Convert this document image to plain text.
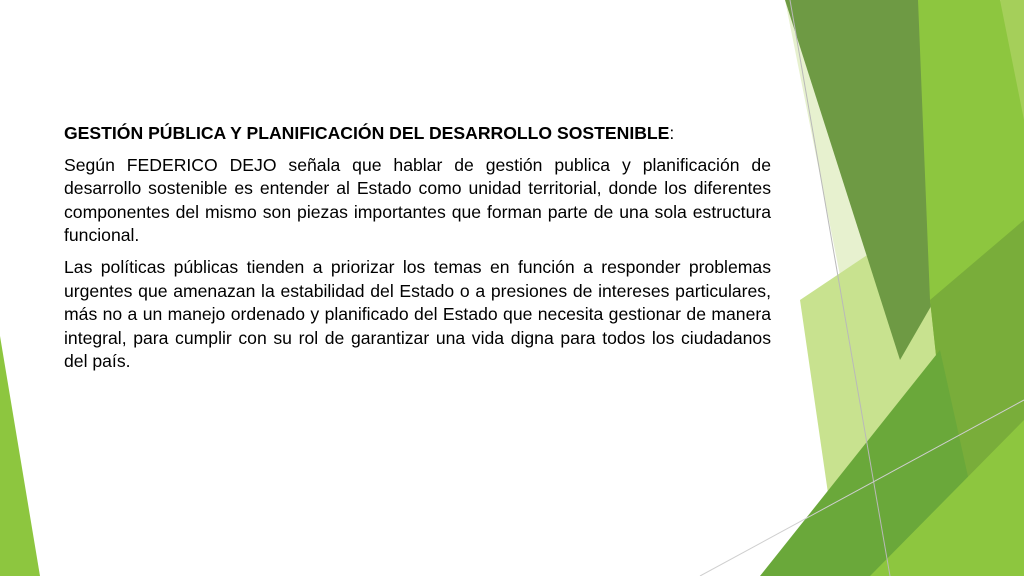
GESTIÓN PÚBLICA Y PLANIFICACIÓN DEL DESARROLLO SOSTENIBLE:

Según FEDERICO DEJO señala que hablar de gestión publica y planificación de desarrollo sostenible es entender al Estado como unidad territorial, donde los diferentes componentes del mismo son piezas importantes que forman parte de una sola estructura funcional.

Las políticas públicas tienden a priorizar los temas en función a responder problemas urgentes que amenazan la estabilidad del Estado o a presiones de intereses particulares, más no a un manejo ordenado y planificado del Estado que necesita gestionar de manera integral, para cumplir con su rol de garantizar una vida digna para todos los ciudadanos del país.
